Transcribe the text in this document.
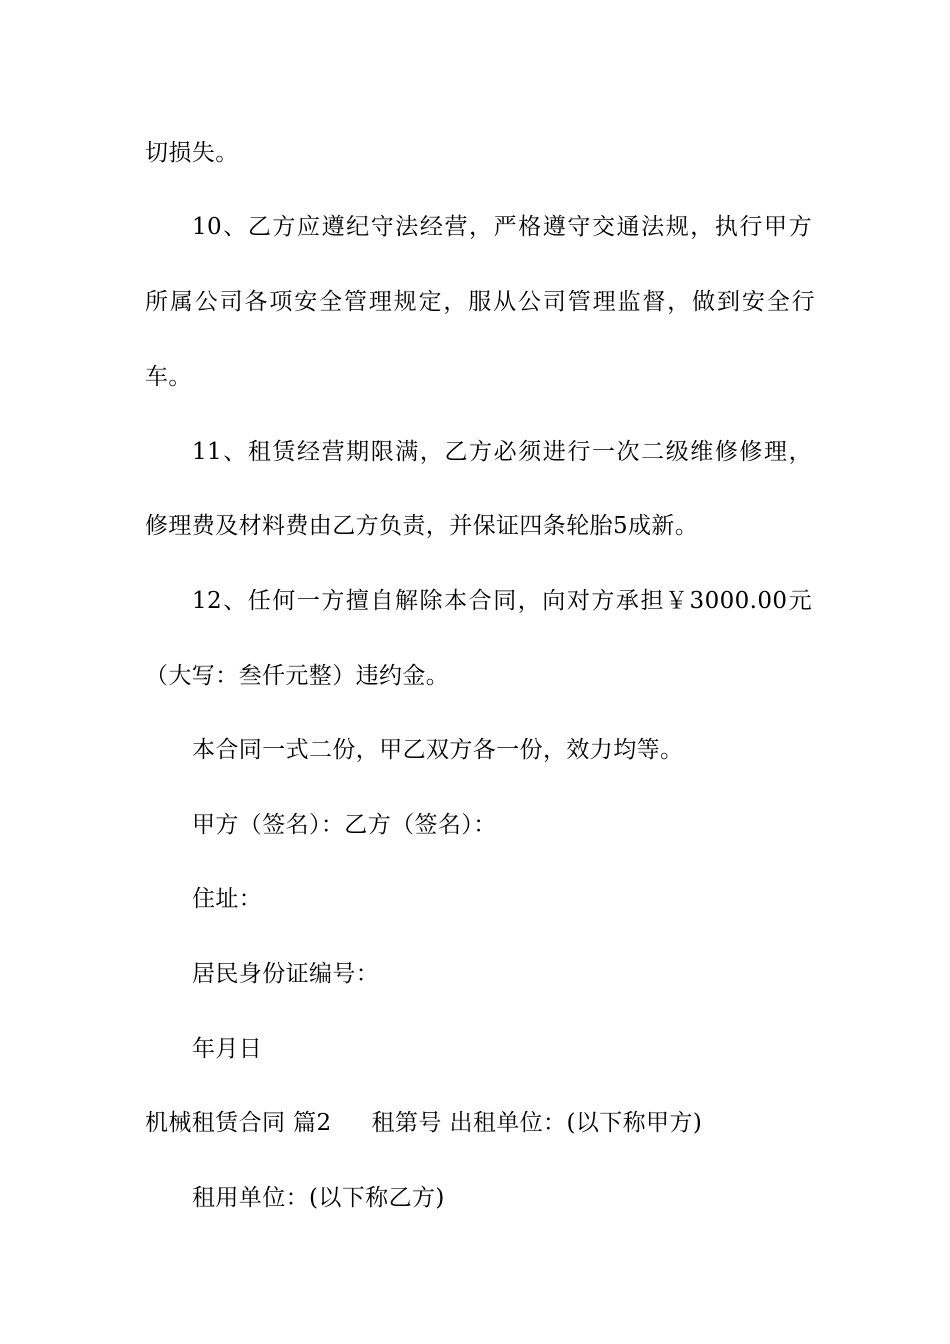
切损失。
10、乙方应遵纪守法经营，严格遵守交通法规，执行甲方
所属公司各项安全管理规定，服从公司管理监督，做到安全行
车。
11、租赁经营期限满，乙方必须进行一次二级维修修理，
修理费及材料费由乙方负责，并保证四条轮胎5成新。
12、任何一方擅自解除本合同，向对方承担￥3000.00元
（大写：叁仟元整）违约金。
本合同一式二份，甲乙双方各一份，效力均等。
甲方（签名）：乙方（签名）：
住址：
居民身份证编号：
年月日
机械租赁合同 篇2 租第号 出租单位：(以下称甲方)
租用单位：(以下称乙方)
